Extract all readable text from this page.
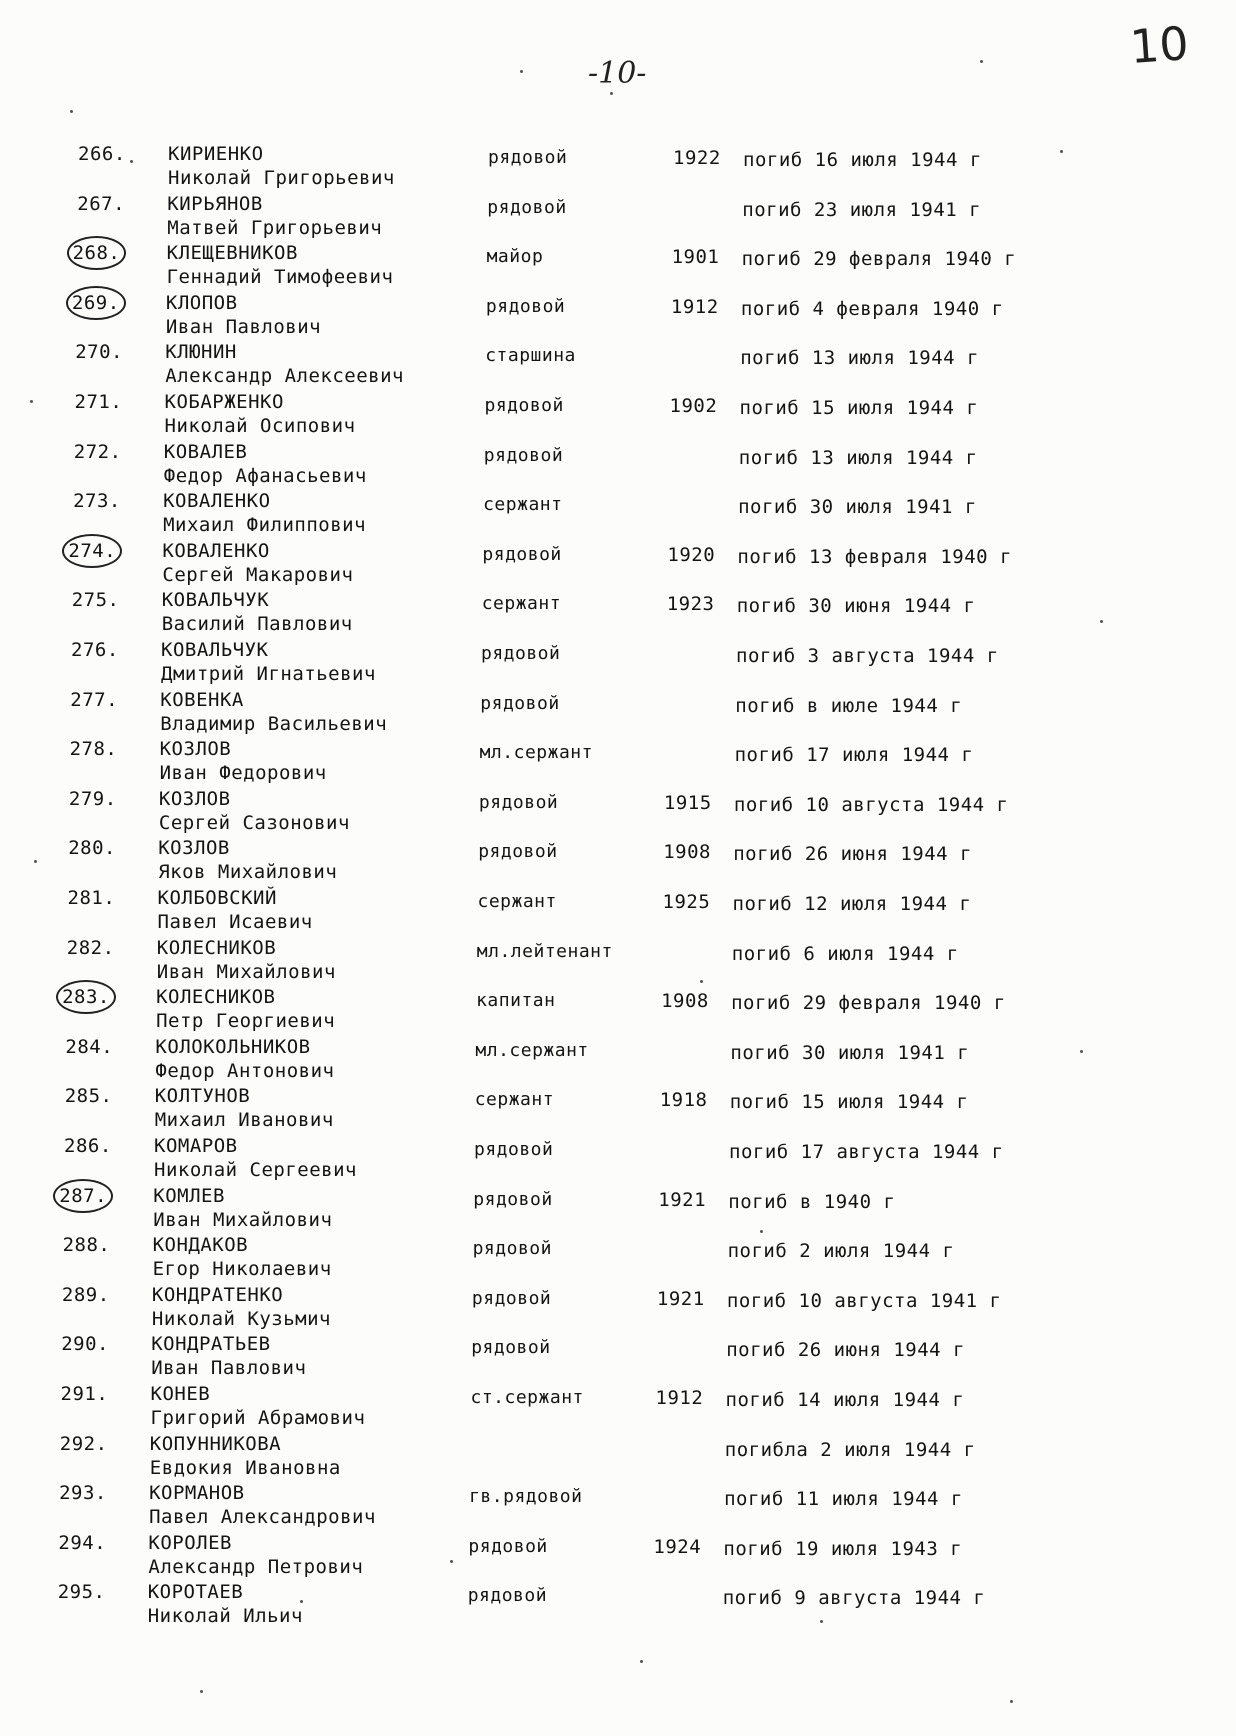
10
-10-
266. КИРИЕНКО
Николай Григорьевич
рядовой	1922 погиб 16 июля 1944 г
267. КИРЬЯНОВ
Матвей Григорьевич
рядовой	погиб 23 июля 1941 г
268.	КЛЕЩЕВНИКОВ
Геннадий Тимофеевич
майор	1901 погиб 29 февраля 1940 г
269.	КЛОПОВ
Иван Павлович
рядовой	1912 погиб 4 февраля 1940 г
270. КЛЮНИН
Александр Алексеевич
старшина	погиб 13 июля 1944 г
271. КОБАРЖЕНКО
Николай Осипович
рядовой	1902 погиб 15 июля 1944 г
272. КОВАЛЕВ
Федор Афанасьевич
рядовой	погиб 13 июля 1944 г
273. КОВАЛЕНКО
Михаил Филиппович
сержант	погиб 30 июля 1941 г
274.	КОВАЛЕНКО
Сергей Макарович
рядовой	1920 погиб 13 февраля 1940 г
275. КОВАЛЬЧУК
Василий Павлович
сержант	1923 погиб 30 июня 1944 г
276. КОВАЛЬЧУК
Дмитрий Игнатьевич
рядовой	погиб 3 августа 1944 г
277. КОВЕНКА
Владимир Васильевич
рядовой	погиб в июле 1944 г
278. КОЗЛОВ
Иван Федорович
мл.сержант	погиб 17 июля 1944 г
279. КОЗЛОВ
Сергей Сазонович
рядовой	1915 погиб 10 августа 1944 г
280. КОЗЛОВ
Яков Михайлович
рядовой	1908 погиб 26 июня 1944 г
281. КОЛБОВСКИЙ
Павел Исаевич
сержант	1925 погиб 12 июля 1944 г
282. КОЛЕСНИКОВ
Иван Михайлович
мл.лейтенант	погиб 6 июля 1944 г
283.	КОЛЕСНИКОВ
Петр Георгиевич
капитан	1908 погиб 29 февраля 1940 г
284. КОЛОКОЛЬНИКОВ
Федор Антонович
мл.сержант	погиб 30 июля 1941 г
285. КОЛТУНОВ
Михаил Иванович
сержант	1918 погиб 15 июля 1944 г
286. КОМАРОВ
Николай Сергеевич
рядовой	погиб 17 августа 1944 г
287.	КОМЛЕВ
Иван Михайлович
рядовой	1921 погиб в 1940 г
288. КОНДАКОВ
Егор Николаевич
рядовой	погиб 2 июля 1944 г
289. КОНДРАТЕНКО
Николай Кузьмич
рядовой	1921 погиб 10 августа 1941 г
290. КОНДРАТЬЕВ
Иван Павлович
рядовой	погиб 26 июня 1944 г
291. КОНЕВ
Григорий Абрамович
ст.сержант	1912 погиб 14 июля 1944 г
292. КОПУННИКОВА
Евдокия Ивановна
погибла 2 июля 1944 г
293. КОРМАНОВ
Павел Александрович
гв.рядовой	погиб 11 июля 1944 г
294. КОРОЛЕВ
Александр Петрович
рядовой	1924 погиб 19 июля 1943 г
295. КОРОТАЕВ
Николай Ильич
рядовой	погиб 9 августа 1944 г
